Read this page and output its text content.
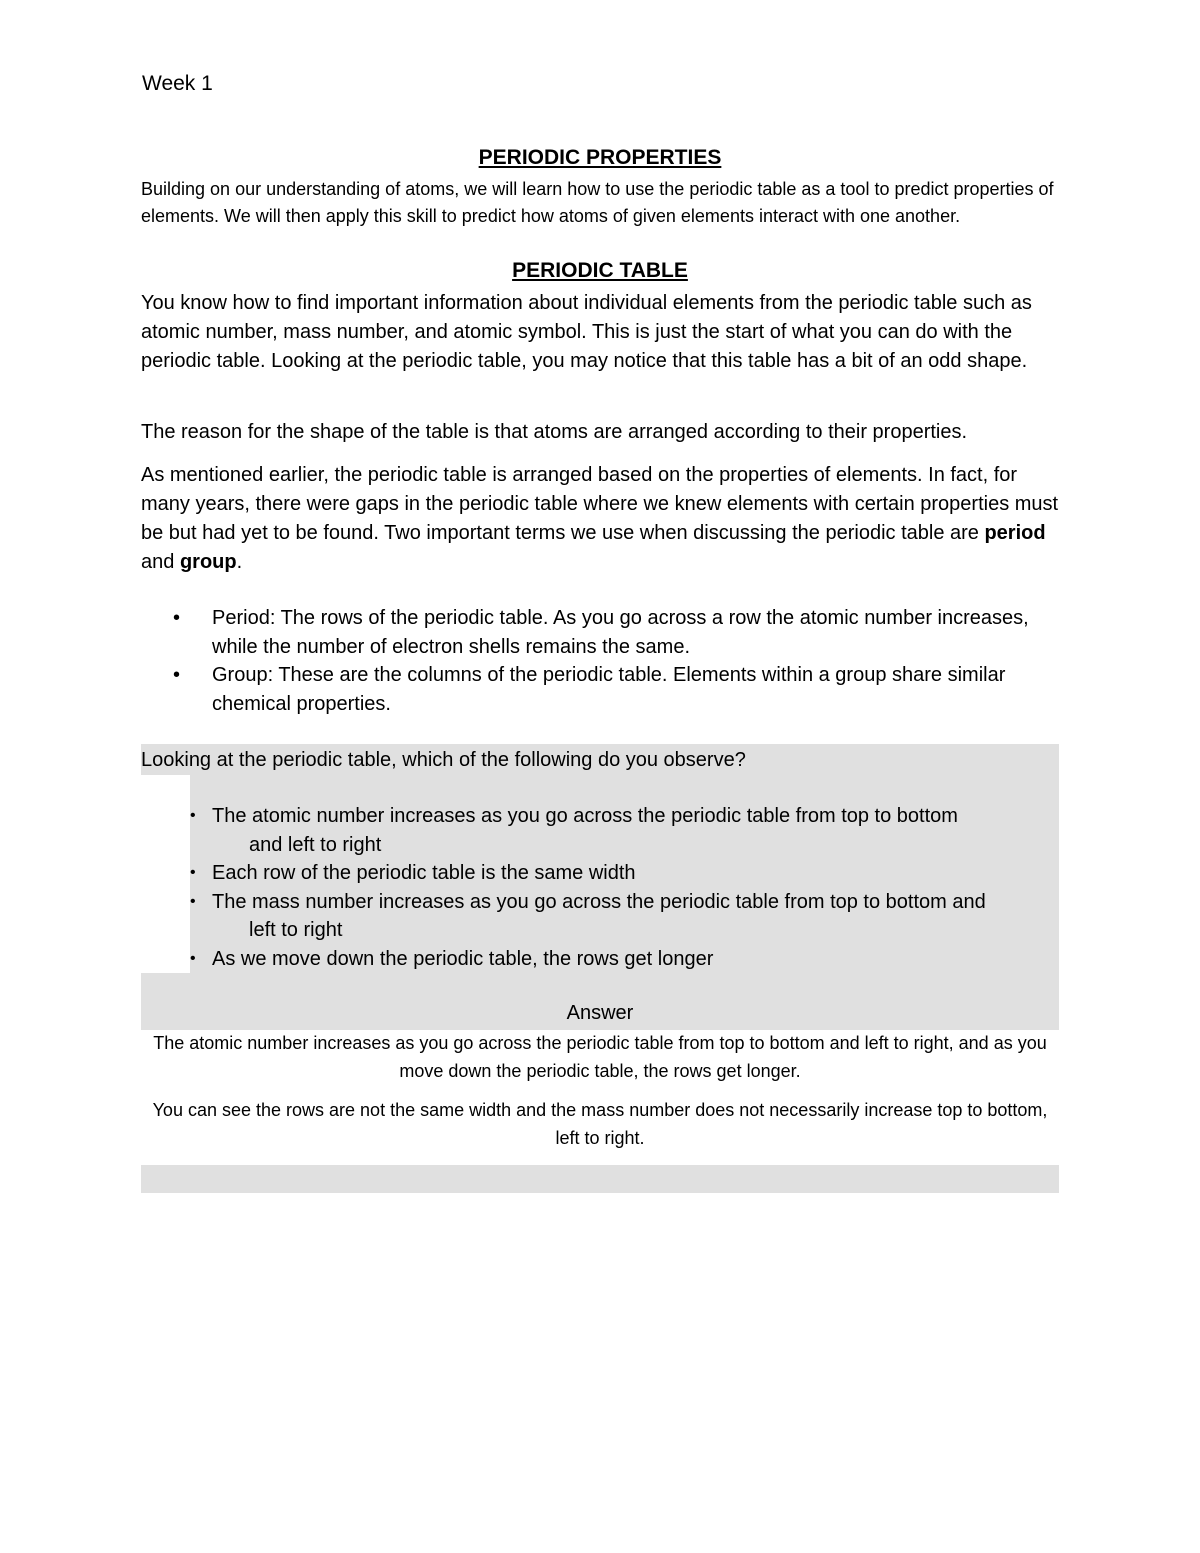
Week 1
PERIODIC PROPERTIES
Building on our understanding of atoms, we will learn how to use the periodic table as a tool to predict properties of elements. We will then apply this skill to predict how atoms of given elements interact with one another.
PERIODIC TABLE
You know how to find important information about individual elements from the periodic table such as atomic number, mass number, and atomic symbol. This is just the start of what you can do with the periodic table. Looking at the periodic table, you may notice that this table has a bit of an odd shape.
The reason for the shape of the table is that atoms are arranged according to their properties.
As mentioned earlier, the periodic table is arranged based on the properties of elements. In fact, for many years, there were gaps in the periodic table where we knew elements with certain properties must be but had yet to be found. Two important terms we use when discussing the periodic table are period and group.

• Period: The rows of the periodic table. As you go across a row the atomic number increases, while the number of electron shells remains the same.

• Group: These are the columns of the periodic table. Elements within a group share similar chemical properties.

Looking at the periodic table, which of the following do you observe?

• The atomic number increases as you go across the periodic table from top to bottom
and left to right

• Each row of the periodic table is the same width

• The mass number increases as you go across the periodic table from top to bottom and
left to right

• As we move down the periodic table, the rows get longer

Answer
The atomic number increases as you go across the periodic table from top to bottom and left to right, and as you move down the periodic table, the rows get longer.
You can see the rows are not the same width and the mass number does not necessarily increase top to bottom, left to right.
